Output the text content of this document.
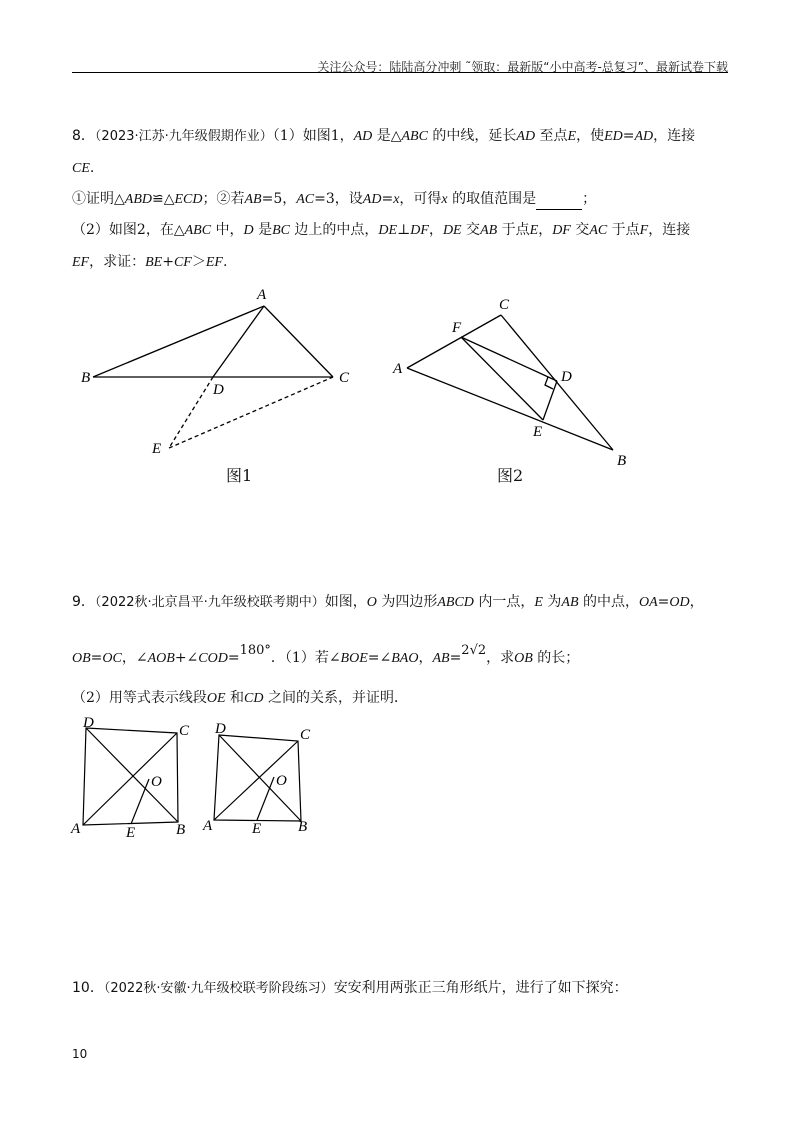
关注公众号：陆陆高分冲刺 ˜领取：最新版“小中高考-总复习”、最新试卷下载
8．（2023·江苏·九年级假期作业）（1）如图1，AD 是△ABC 的中线，延长AD 至点E，使ED=AD，连接
CE.
①证明△ABD≌△ECD；②若AB=5，AC=3，设AD=x，可得x 的取值范围是	；
（2）如图2，在△ABC 中，D 是BC 边上的中点，DE⊥DF，DE 交AB 于点E，DF 交AC 于点F，连接
EF，求证：BE+CF＞EF.
A
B	C
D
E
图1
A
C
F
D
E
B
图2
9．（2022秋·北京昌平·九年级校联考期中）如图，O 为四边形ABCD 内一点，E 为AB 的中点，OA=OD，
OB=OC，∠AOB+∠COD=180°．（1）若∠BOE=∠BAO，AB=2√2，求OB 的长；
（2）用等式表示线段OE 和CD 之间的关系，并证明．
D	C
O
A	E	B
D	C
O
A	E B
10．（2022秋·安徽·九年级校联考阶段练习）安安利用两张正三角形纸片，进行了如下探究：
10
